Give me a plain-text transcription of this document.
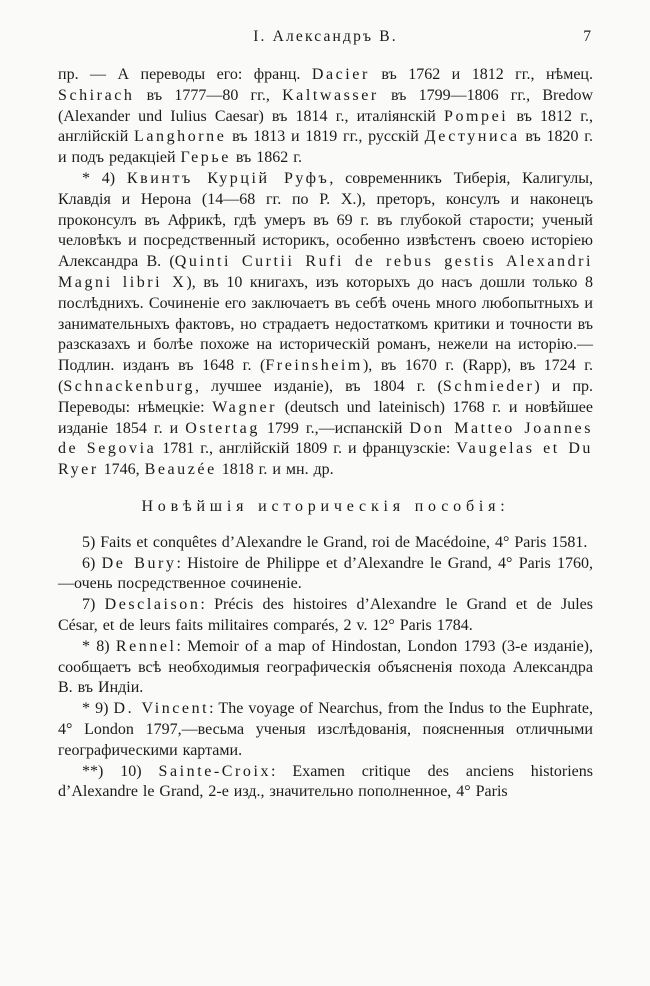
І. Александръ В.	7

пр. — А переводы его: франц. Dacier въ 1762 и 1812 гг., нѣмец. Schirach въ 1777—80 гг., Kaltwasser въ 1799—1806 гг., Bredow (Alexander und Iulius Caesar) въ 1814 г., италіянскій Pompei въ 1812 г., англійскій Langhorne въ 1813 и 1819 гг., русскій Дестуниса въ 1820 г. и подъ редакціей Герье въ 1862 г.

* 4) Квинтъ Курцій Руфъ, современникъ Тиберія, Калигулы, Клавдія и Нерона (14—68 гг. по Р. Х.), преторъ, консулъ и наконецъ проконсулъ въ Африкѣ, гдѣ умеръ въ 69 г. въ глубокой старости; ученый человѣкъ и посредственный историкъ, особенно извѣстенъ своею исторіею Александра В. (Quinti Curtii Rufi de rebus gestis Alexandri Magni libri X), въ 10 книгахъ, изъ которыхъ до насъ дошли только 8 послѣднихъ. Сочиненіе его заключаетъ въ себѣ очень много любопытныхъ и занимательныхъ фактовъ, но страдаетъ недостаткомъ критики и точности въ разсказахъ и болѣе похоже на историческій романъ, нежели на исторію.—Подлин. изданъ въ 1648 г. (Freinsheim), въ 1670 г. (Rapp), въ 1724 г. (Schnackenburg, лучшее изданіе), въ 1804 г. (Schmieder) и пр. Переводы: нѣмецкіе: Wagner (deutsch und lateinisch) 1768 г. и новѣйшее изданіе 1854 г. и Ostertag 1799 г.,—испанскій Don Matteo Joannes de Segovia 1781 г., англійскій 1809 г. и французскіе: Vaugelas et Du Ryer 1746, Beauzée 1818 г. и мн. др.

Новѣйшія историческія пособія:

5) Faits et conquêtes d’Alexandre le Grand, roi de Macédoine, 4° Paris 1581.

6) De Bury: Histoire de Philippe et d’Alexandre le Grand, 4° Paris 1760,—очень посредственное сочиненіе.

7) Desclaison: Précis des histoires d’Alexandre le Grand et de Jules César, et de leurs faits militaires comparés, 2 v. 12° Paris 1784.

* 8) Rennel: Memoir of a map of Hindostan, London 1793 (3-е изданіе), сообщаетъ всѣ необходимыя географическія объясненія похода Александра В. въ Индіи.

* 9) D. Vincent: The voyage of Nearchus, from the Indus to the Euphrate, 4° London 1797,—весьма ученыя изслѣдованія, поясненныя отличными географическими картами.

**) 10) Sainte-Croix: Examen critique des anciens historiens d’Alexandre le Grand, 2-е изд., значительно пополненное, 4° Paris
